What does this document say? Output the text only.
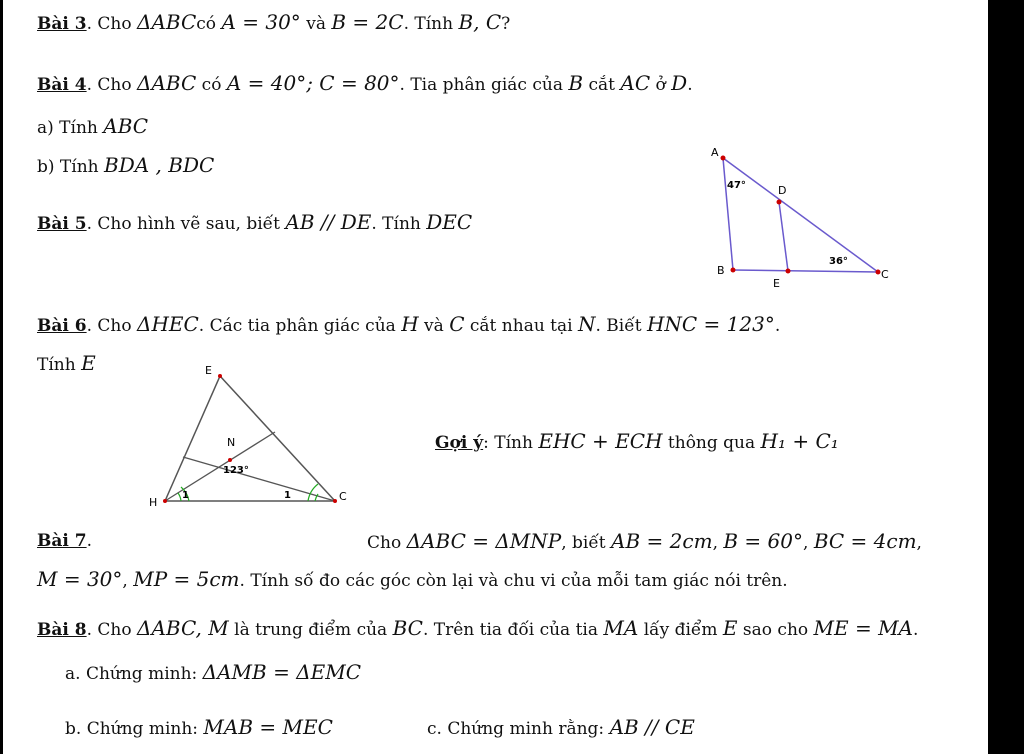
Bài 3. Cho ΔABCcó A = 30° và B = 2C. Tính B, C?
Bài 4. Cho ΔABC có A = 40°; C = 80°. Tia phân giác của B cắt AC ở D.
a) Tính ABC
b) Tính BDA , BDC
Bài 5. Cho hình vẽ sau, biết AB // DE. Tính DEC
A
D
B
E
C
47°
36°
Bài 6. Cho ΔHEC. Các tia phân giác của H và C cắt nhau tại N. Biết HNC = 123°.
Tính E
Gợi ý: Tính EHC + ECH thông qua H₁ + C₁
E
N
H	C
123°
1	1
Bài 7.	Cho ΔABC = ΔMNP, biết AB = 2cm, B = 60°, BC = 4cm,
M = 30°, MP = 5cm. Tính số đo các góc còn lại và chu vi của mỗi tam giác nói trên.
Bài 8. Cho ΔABC, M là trung điểm của BC. Trên tia đối của tia MA lấy điểm E sao cho ME = MA.
a. Chứng minh: ΔAMB = ΔEMC
b. Chứng minh: MAB = MEC	c. Chứng minh rằng: AB // CE
